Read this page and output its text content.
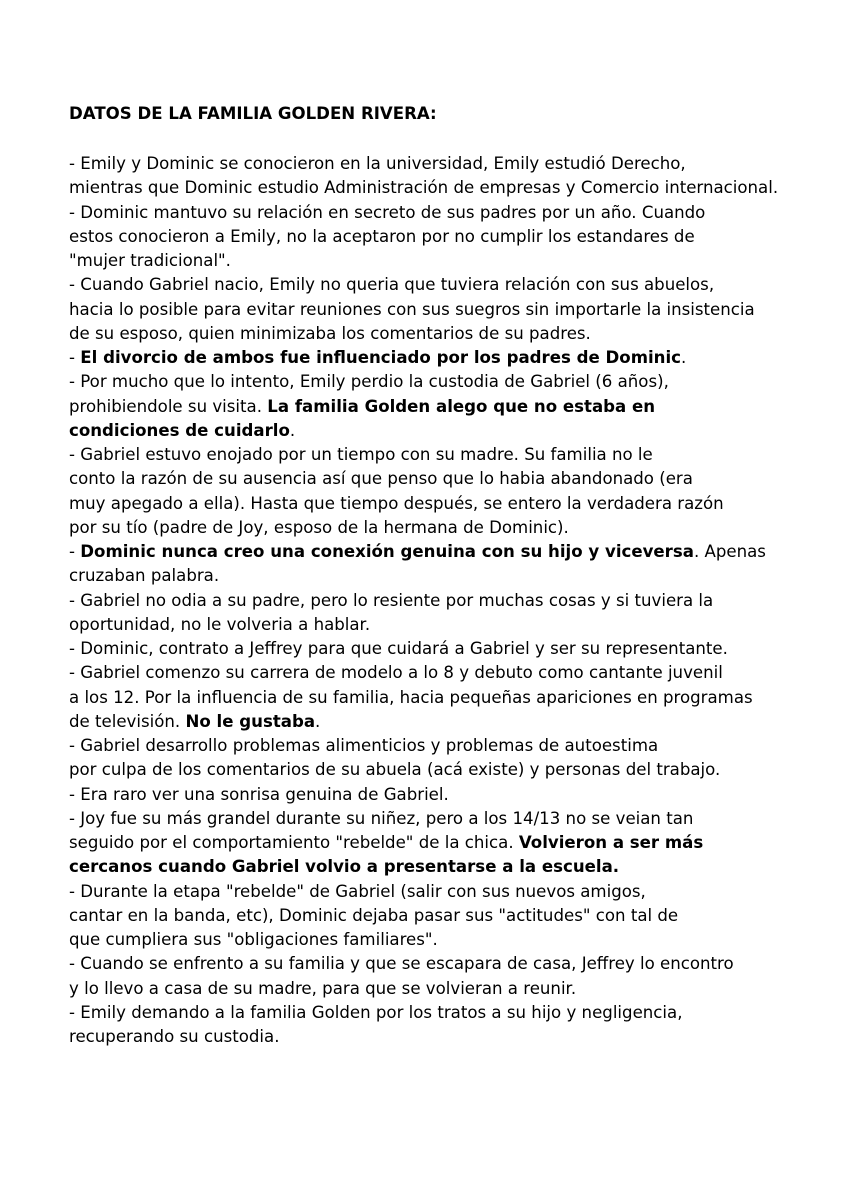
DATOS DE LA FAMILIA GOLDEN RIVERA:
- Emily y Dominic se conocieron en la universidad, Emily estudió Derecho,
mientras que Dominic estudio Administración de empresas y Comercio internacional.
- Dominic mantuvo su relación en secreto de sus padres por un año. Cuando
estos conocieron a Emily, no la aceptaron por no cumplir los estandares de
"mujer tradicional".
- Cuando Gabriel nacio, Emily no queria que tuviera relación con sus abuelos,
hacia lo posible para evitar reuniones con sus suegros sin importarle la insistencia
de su esposo, quien minimizaba los comentarios de su padres.
- El divorcio de ambos fue influenciado por los padres de Dominic.
- Por mucho que lo intento, Emily perdio la custodia de Gabriel (6 años),
prohibiendole su visita. La familia Golden alego que no estaba en
condiciones de cuidarlo.
- Gabriel estuvo enojado por un tiempo con su madre. Su familia no le
conto la razón de su ausencia así que penso que lo habia abandonado (era
muy apegado a ella). Hasta que tiempo después, se entero la verdadera razón
por su tío (padre de Joy, esposo de la hermana de Dominic).
- Dominic nunca creo una conexión genuina con su hijo y viceversa. Apenas
cruzaban palabra.
- Gabriel no odia a su padre, pero lo resiente por muchas cosas y si tuviera la
oportunidad, no le volveria a hablar.
- Dominic, contrato a Jeffrey para que cuidará a Gabriel y ser su representante.
- Gabriel comenzo su carrera de modelo a lo 8 y debuto como cantante juvenil
a los 12. Por la influencia de su familia, hacia pequeñas apariciones en programas
de televisión. No le gustaba.
- Gabriel desarrollo problemas alimenticios y problemas de autoestima
por culpa de los comentarios de su abuela (acá existe) y personas del trabajo.
- Era raro ver una sonrisa genuina de Gabriel.
- Joy fue su más grandel durante su niñez, pero a los 14/13 no se veian tan
seguido por el comportamiento "rebelde" de la chica. Volvieron a ser más
cercanos cuando Gabriel volvio a presentarse a la escuela.
- Durante la etapa "rebelde" de Gabriel (salir con sus nuevos amigos,
cantar en la banda, etc), Dominic dejaba pasar sus "actitudes" con tal de
que cumpliera sus "obligaciones familiares".
- Cuando se enfrento a su familia y que se escapara de casa, Jeffrey lo encontro
y lo llevo a casa de su madre, para que se volvieran a reunir.
- Emily demando a la familia Golden por los tratos a su hijo y negligencia,
recuperando su custodia.
